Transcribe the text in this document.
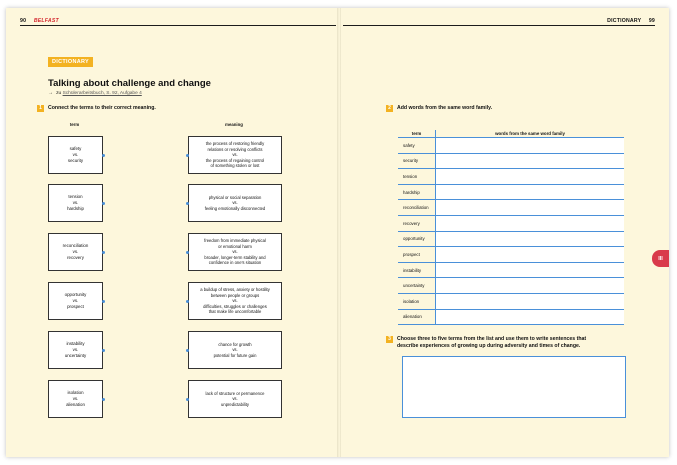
90 BELFAST	DICTIONARY 99
DICTIONARY
Talking about challenge and change
→ zu Schülerarbeitsbuch, S. 92, Aufgabe 4
1 Connect the terms to their correct meaning.
term	meaning
safety
vs.
security
tension
vs.
hardship
reconciliation
vs.
recovery
opportunity
vs.
prospect
instability
vs.
uncertainty
isolation
vs.
alienation
the process of restoring friendly
relations or resolving conflicts
vs.
the process of regaining control
of something stolen or lost
physical or social separation
vs.
feeling emotionally disconnected
freedom from immediate physical
or emotional harm
vs.
broader, longer-term stability and
confidence in one's situation
a buildup of stress, anxiety or hostility
between people or groups
vs.
difficulties, struggles or challenges
that make life uncomfortable
chance for growth
vs.
potential for future gain
lack of structure or permanence
vs.
unpredictability
2 Add words from the same word family.
term	words from the same word family
safety	
security	
tension	
hardship	
reconciliation	
recovery	
opportunity	
prospect	
instability	
uncertainty	
isolation	
alienation	
3 Choose three to five terms from the list and use them to write sentences that
describe experiences of growing up during adversity and times of change.
III
